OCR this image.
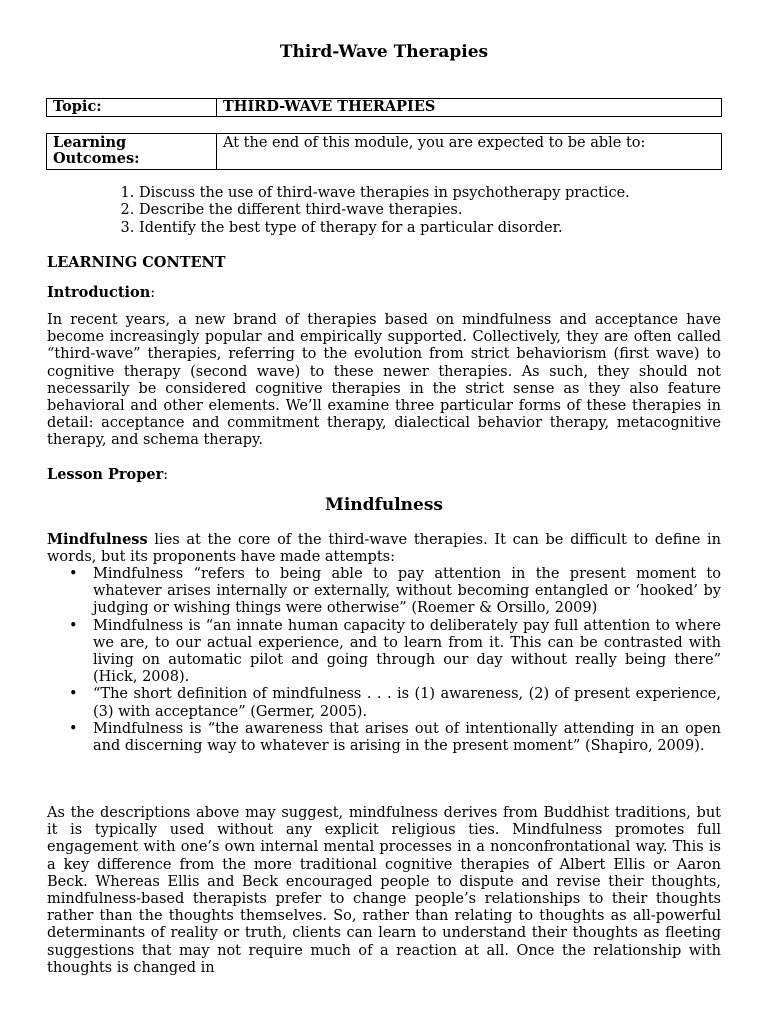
Third-Wave Therapies
Topic:	THIRD-WAVE THERAPIES
Learning Outcomes:	At the end of this module, you are expected to be able to:
1. Discuss the use of third-wave therapies in psychotherapy practice.
2. Describe the different third-wave therapies.
3. Identify the best type of therapy for a particular disorder.
LEARNING CONTENT
Introduction:
In recent years, a new brand of therapies based on mindfulness and acceptance have become increasingly popular and empirically supported. Collectively, they are often called “third-wave” therapies, referring to the evolution from strict behaviorism (first wave) to cognitive therapy (second wave) to these newer therapies. As such, they should not necessarily be considered cognitive therapies in the strict sense as they also feature behavioral and other elements. We’ll examine three particular forms of these therapies in detail: acceptance and commitment therapy, dialectical behavior therapy, metacognitive therapy, and schema therapy.
Lesson Proper:
Mindfulness
Mindfulness lies at the core of the third-wave therapies. It can be difficult to define in words, but its proponents have made attempts:
• Mindfulness “refers to being able to pay attention in the present moment to whatever arises internally or externally, without becoming entangled or ‘hooked’ by judging or wishing things were otherwise” (Roemer & Orsillo, 2009)
• Mindfulness is “an innate human capacity to deliberately pay full attention to where we are, to our actual experience, and to learn from it. This can be contrasted with living on automatic pilot and going through our day without really being there” (Hick, 2008).
• “The short definition of mindfulness . . . is (1) awareness, (2) of present experience, (3) with acceptance” (Germer, 2005).
• Mindfulness is “the awareness that arises out of intentionally attending in an open and discerning way to whatever is arising in the present moment” (Shapiro, 2009).
As the descriptions above may suggest, mindfulness derives from Buddhist traditions, but it is typically used without any explicit religious ties. Mindfulness promotes full engagement with one’s own internal mental processes in a nonconfrontational way. This is a key difference from the more traditional cognitive therapies of Albert Ellis or Aaron Beck. Whereas Ellis and Beck encouraged people to dispute and revise their thoughts, mindfulness-based therapists prefer to change people’s relationships to their thoughts rather than the thoughts themselves. So, rather than relating to thoughts as all-powerful determinants of reality or truth, clients can learn to understand their thoughts as fleeting suggestions that may not require much of a reaction at all. Once the relationship with thoughts is changed in
